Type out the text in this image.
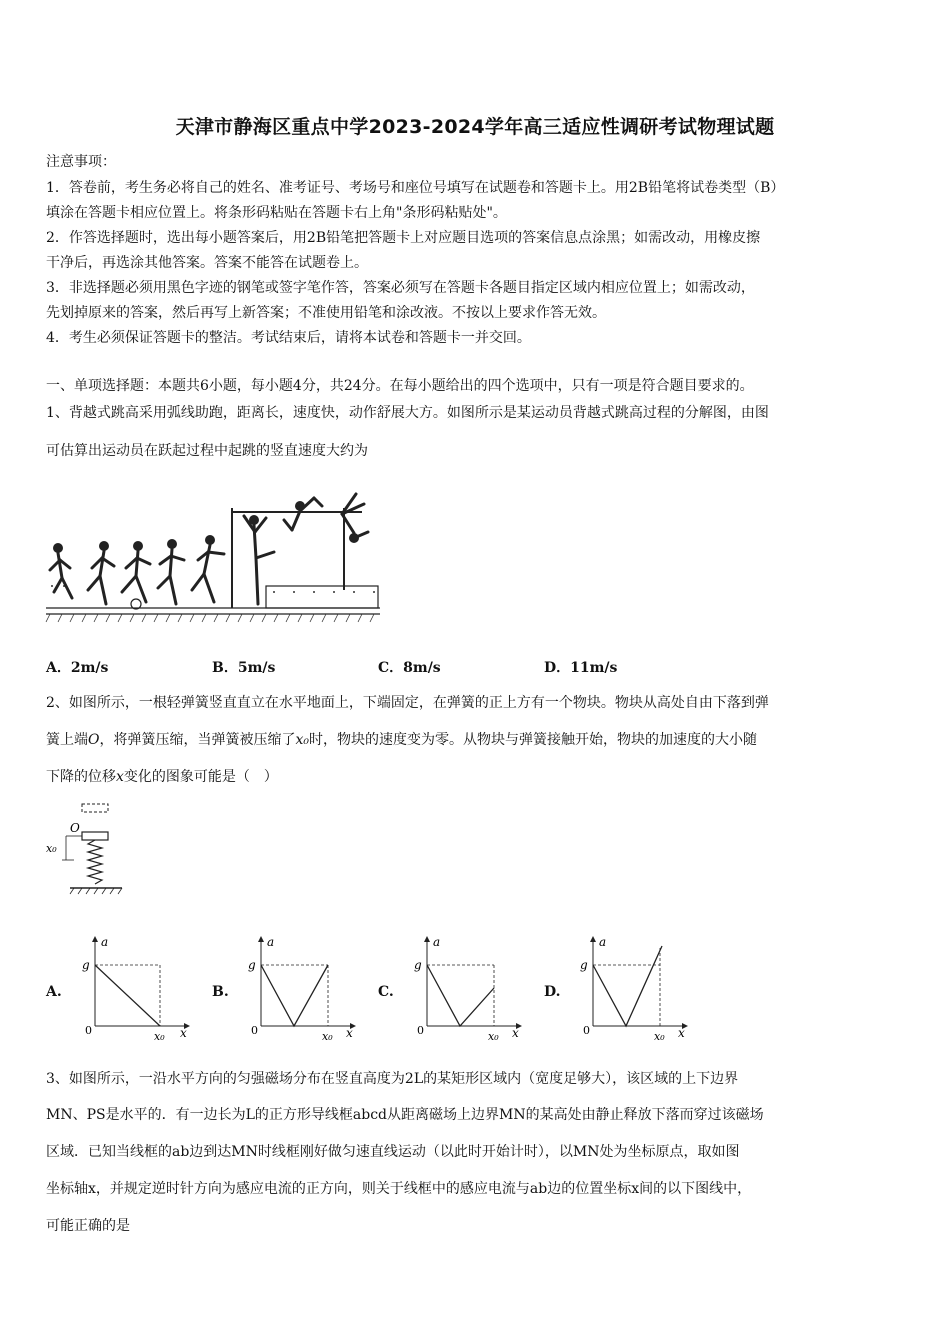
天津市静海区重点中学2023-2024学年高三适应性调研考试物理试题
注意事项：
1．答卷前，考生务必将自己的姓名、准考证号、考场号和座位号填写在试题卷和答题卡上。用2B铅笔将试卷类型（B）
填涂在答题卡相应位置上。将条形码粘贴在答题卡右上角"条形码粘贴处"。
2．作答选择题时，选出每小题答案后，用2B铅笔把答题卡上对应题目选项的答案信息点涂黑；如需改动，用橡皮擦
干净后，再选涂其他答案。答案不能答在试题卷上。
3．非选择题必须用黑色字迹的钢笔或签字笔作答，答案必须写在答题卡各题目指定区域内相应位置上；如需改动，
先划掉原来的答案，然后再写上新答案；不准使用铅笔和涂改液。不按以上要求作答无效。
4．考生必须保证答题卡的整洁。考试结束后，请将本试卷和答题卡一并交回。
一、单项选择题：本题共6小题，每小题4分，共24分。在每小题给出的四个选项中，只有一项是符合题目要求的。
1、背越式跳高采用弧线助跑，距离长，速度快，动作舒展大方。如图所示是某运动员背越式跳高过程的分解图，由图
可估算出运动员在跃起过程中起跳的竖直速度大约为
A．2m/s	B．5m/s	C．8m/s	D．11m/s
2、如图所示，一根轻弹簧竖直直立在水平地面上，下端固定，在弹簧的正上方有一个物块。物块从高处自由下落到弹
簧上端O，将弹簧压缩，当弹簧被压缩了x₀时，物块的速度变为零。从物块与弹簧接触开始，物块的加速度的大小随
下降的位移x变化的图象可能是（　）
O
x₀
A.	B.	C.	D.
a
g
0	x₀ x
a
g
0	x₀ x
a
g
0	x₀ x
a
g
0	x₀ x
3、如图所示，一沿水平方向的匀强磁场分布在竖直高度为2L的某矩形区域内（宽度足够大），该区域的上下边界
MN、PS是水平的．有一边长为L的正方形导线框abcd从距离磁场上边界MN的某高处由静止释放下落而穿过该磁场
区域．已知当线框的ab边到达MN时线框刚好做匀速直线运动（以此时开始计时），以MN处为坐标原点，取如图
坐标轴x，并规定逆时针方向为感应电流的正方向，则关于线框中的感应电流与ab边的位置坐标x间的以下图线中，
可能正确的是
